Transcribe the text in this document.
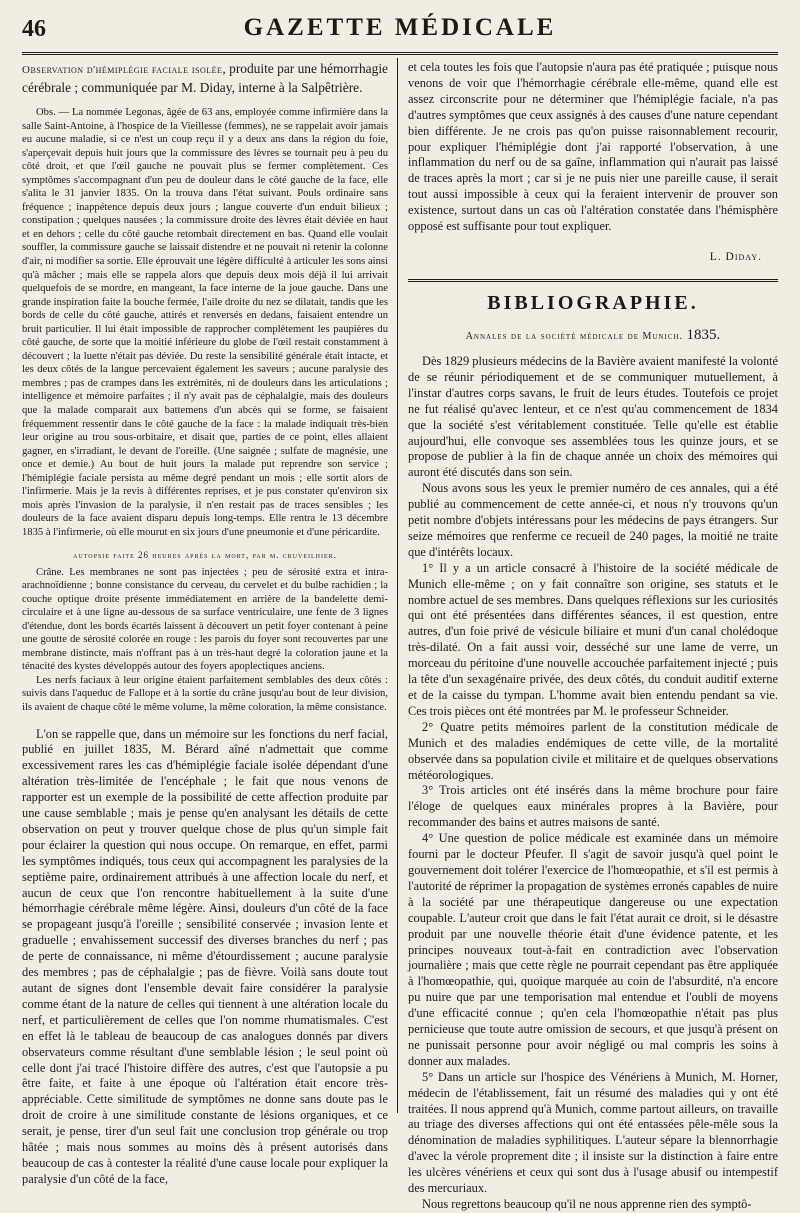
46	GAZETTE MÉDICALE
Observation d'hémiplégie faciale isolée, produite par une hémorrhagie cérébrale ; communiquée par M. Diday, interne à la Salpêtrière.

Obs. — La nommée Legonas, âgée de 63 ans, employée comme infirmière dans la salle Saint-Antoine, à l'hospice de la Vieillesse (femmes), ne se rappelait avoir jamais eu aucune maladie, si ce n'est un coup reçu il y a deux ans dans la région du foie, s'aperçevait depuis huit jours que la commissure des lèvres se tournait peu à peu du côté droit, et que l'œil gauche ne pouvait plus se fermer complètement. Ces symptômes s'accompagnant d'un peu de douleur dans le côté gauche de la face, elle s'alita le 31 janvier 1835. On la trouva dans l'état suivant. Pouls ordinaire sans fréquence ; inappétence depuis deux jours ; langue couverte d'un enduit bilieux ; constipation ; quelques nausées ; la commissure droite des lèvres était déviée en haut et en dehors ; celle du côté gauche retombait directement en bas. Quand elle voulait souffler, la commissure gauche se laissait distendre et ne pouvait ni retenir la colonne d'air, ni modifier sa sortie. Elle éprouvait une légère difficulté à articuler les sons ainsi qu'à mâcher ; mais elle se rappela alors que depuis deux mois déjà il lui arrivait quelquefois de se mordre, en mangeant, la face interne de la joue gauche. Dans une grande inspiration faite la bouche fermée, l'aile droite du nez se dilatait, tandis que les bords de celle du côté gauche, attirés et renversés en dedans, faisaient entendre un bruit particulier. Il lui était impossible de rapprocher complètement les paupières du côté gauche, de sorte que la moitié inférieure du globe de l'œil restait constamment à découvert ; la luette n'était pas déviée. Du reste la sensibilité générale était intacte, et les deux côtés de la langue percevaient également les saveurs ; aucune paralysie des membres ; pas de crampes dans les extrémités, ni de douleurs dans les articulations ; intelligence et mémoire parfaites ; il n'y avait pas de céphalalgie, mais des douleurs que la malade comparait aux battemens d'un abcès qui se forme, se faisaient fréquemment ressentir dans le côté gauche de la face : la malade indiquait très-bien leur origine au trou sous-orbitaire, et disait que, parties de ce point, elles allaient gagner, en s'irradiant, le devant de l'oreille. (Une saignée ; sulfate de magnésie, une once et demie.) Au bout de huit jours la malade put reprendre son service ; l'hémiplégie faciale persista au même degré pendant un mois ; elle sortit alors de l'infirmerie. Mais je la revis à différentes reprises, et je pus constater qu'environ six mois après l'invasion de la paralysie, il n'en restait pas de traces sensibles ; les douleurs de la face avaient disparu depuis long-temps. Elle rentra le 13 décembre 1835 à l'infirmerie, où elle mourut en six jours d'une pneumonie et d'une péricardite.

autopsie faite 26 heures après la mort, par m. cruveilhier.

Crâne. Les membranes ne sont pas injectées ; peu de sérosité extra et intra-arachnoïdienne ; bonne consistance du cerveau, du cervelet et du bulbe rachidien ; la couche optique droite présente immédiatement en arrière de la bandelette demi-circulaire et à une ligne au-dessous de sa surface ventriculaire, une fente de 3 lignes d'étendue, dont les bords écartés laissent à découvert un petit foyer contenant à peine une goutte de sérosité colorée en rouge : les parois du foyer sont recouvertes par une membrane distincte, mais n'offrant pas à un très-haut degré la coloration jaune et la ténacité des kystes développés autour des foyers apoplectiques anciens.

Les nerfs faciaux à leur origine étaient parfaitement semblables des deux côtés : suivis dans l'aqueduc de Fallope et à la sortie du crâne jusqu'au bout de leur division, ils avaient de chaque côté le même volume, la même coloration, la même consistance.

L'on se rappelle que, dans un mémoire sur les fonctions du nerf facial, publié en juillet 1835, M. Bérard aîné n'admettait que comme excessivement rares les cas d'hémiplégie faciale isolée dépendant d'une altération très-limitée de l'encéphale ; le fait que nous venons de rapporter est un exemple de la possibilité de cette affection produite par une cause semblable ; mais je pense qu'en analysant les détails de cette observation on peut y trouver quelque chose de plus qu'un simple fait pour éclairer la question qui nous occupe. On remarque, en effet, parmi les symptômes indiqués, tous ceux qui accompagnent les paralysies de la septième paire, ordinairement attribués à une affection locale du nerf, et aucun de ceux que l'on rencontre habituellement à la suite d'une hémorrhagie cérébrale même légère. Ainsi, douleurs d'un côté de la face se propageant jusqu'à l'oreille ; sensibilité conservée ; invasion lente et graduelle ; envahissement successif des diverses branches du nerf ; pas de perte de connaissance, ni même d'étourdissement ; aucune paralysie des membres ; pas de céphalalgie ; pas de fièvre. Voilà sans doute tout autant de signes dont l'ensemble devait faire considérer la paralysie comme étant de la nature de celles qui tiennent à une altération locale du nerf, et particulièrement de celles que l'on nomme rhumatismales. C'est en effet là le tableau de beaucoup de cas analogues donnés par divers observateurs comme résultant d'une semblable lésion ; le seul point où celle dont j'ai tracé l'histoire diffère des autres, c'est que l'autopsie a pu être faite, et faite à une époque où l'altération était encore très-appréciable. Cette similitude de symptômes ne donne sans doute pas le droit de croire à une similitude constante de lésions organiques, et ce serait, je pense, tirer d'un seul fait une conclusion trop générale ou trop hâtée ; mais nous sommes au moins dès à présent autorisés dans beaucoup de cas à contester la réalité d'une cause locale pour expliquer la paralysie d'un côté de la face,

et cela toutes les fois que l'autopsie n'aura pas été pratiquée ; puisque nous venons de voir que l'hémorrhagie cérébrale elle-même, quand elle est assez circonscrite pour ne déterminer que l'hémiplégie faciale, n'a pas d'autres symptômes que ceux assignés à des causes d'une nature cependant bien différente. Je ne crois pas qu'on puisse raisonnablement recourir, pour expliquer l'hémiplégie dont j'ai rapporté l'observation, à une inflammation du nerf ou de sa gaîne, inflammation qui n'aurait pas laissé de traces après la mort ; car si je ne puis nier une pareille cause, il serait tout aussi impossible à ceux qui la feraient intervenir de prouver son existence, surtout dans un cas où l'altération constatée dans l'hémisphère opposé est suffisante pour tout expliquer.

L. Diday.
BIBLIOGRAPHIE.
Annales de la société médicale de Munich. 1835.

Dès 1829 plusieurs médecins de la Bavière avaient manifesté la volonté de se réunir périodiquement et de se communiquer mutuellement, à l'instar d'autres corps savans, le fruit de leurs études. Toutefois ce projet ne fut réalisé qu'avec lenteur, et ce n'est qu'au commencement de 1834 que la société s'est véritablement constituée. Telle qu'elle est établie aujourd'hui, elle convoque ses assemblées tous les quinze jours, et se propose de publier à la fin de chaque année un choix des mémoires qui auront été discutés dans son sein.

Nous avons sous les yeux le premier numéro de ces annales, qui a été publié au commencement de cette année-ci, et nous n'y trouvons qu'un petit nombre d'objets intéressans pour les médecins de pays étrangers. Sur seize mémoires que renferme ce recueil de 240 pages, la moitié ne traite que d'intérêts locaux.

1° Il y a un article consacré à l'histoire de la société médicale de Munich elle-même ; on y fait connaître son origine, ses statuts et le nombre actuel de ses membres. Dans quelques réflexions sur les curiosités qui ont été présentées dans différentes séances, il est question, entre autres, d'un foie privé de vésicule biliaire et muni d'un canal cholédoque très-dilaté. On a fait aussi voir, desséché sur une lame de verre, un morceau du péritoine d'une nouvelle accouchée parfaitement injecté ; puis la tête d'un sexagénaire privée, des deux côtés, du conduit auditif externe et de la caisse du tympan. L'homme avait bien entendu pendant sa vie. Ces trois pièces ont été montrées par M. le professeur Schneider.

2° Quatre petits mémoires parlent de la constitution médicale de Munich et des maladies endémiques de cette ville, de la mortalité observée dans sa population civile et militaire et de quelques observations météorologiques.

3° Trois articles ont été insérés dans la même brochure pour faire l'éloge de quelques eaux minérales propres à la Bavière, pour recommander des bains et autres maisons de santé.

4° Une question de police médicale est examinée dans un mémoire fourni par le docteur Pfeufer. Il s'agit de savoir jusqu'à quel point le gouvernement doit tolérer l'exercice de l'homœopathie, et s'il est permis à l'autorité de réprimer la propagation de systèmes erronés capables de nuire à la société par une thérapeutique dangereuse ou une expectation coupable. L'auteur croit que dans le fait l'état aurait ce droit, si le désastre produit par une nouvelle théorie était d'une évidence patente, et les principes nouveaux tout-à-fait en contradiction avec l'observation journalière ; mais que cette règle ne pourrait cependant pas être appliquée à l'homœopathie, qui, quoique marquée au coin de l'absurdité, n'a encore pu nuire que par une temporisation mal entendue et l'oubli de moyens d'une efficacité connue ; qu'en cela l'homœopathie n'était pas plus pernicieuse que toute autre omission de secours, et que jusqu'à présent on ne punissait personne pour avoir négligé ou mal compris les soins à donner aux malades.

5° Dans un article sur l'hospice des Vénériens à Munich, M. Horner, médecin de l'établissement, fait un résumé des maladies qui y ont été traitées. Il nous apprend qu'à Munich, comme partout ailleurs, on travaille au triage des diverses affections qui ont été entassées pêle-mêle sous la dénomination de maladies syphilitiques. L'auteur sépare la blennorrhagie d'avec la vérole proprement dite ; il insiste sur la distinction à faire entre les ulcères vénériens et ceux qui sont dus à l'usage abusif ou intempestif des mercuriaux.

Nous regrettons beaucoup qu'il ne nous apprenne rien des symptô-
